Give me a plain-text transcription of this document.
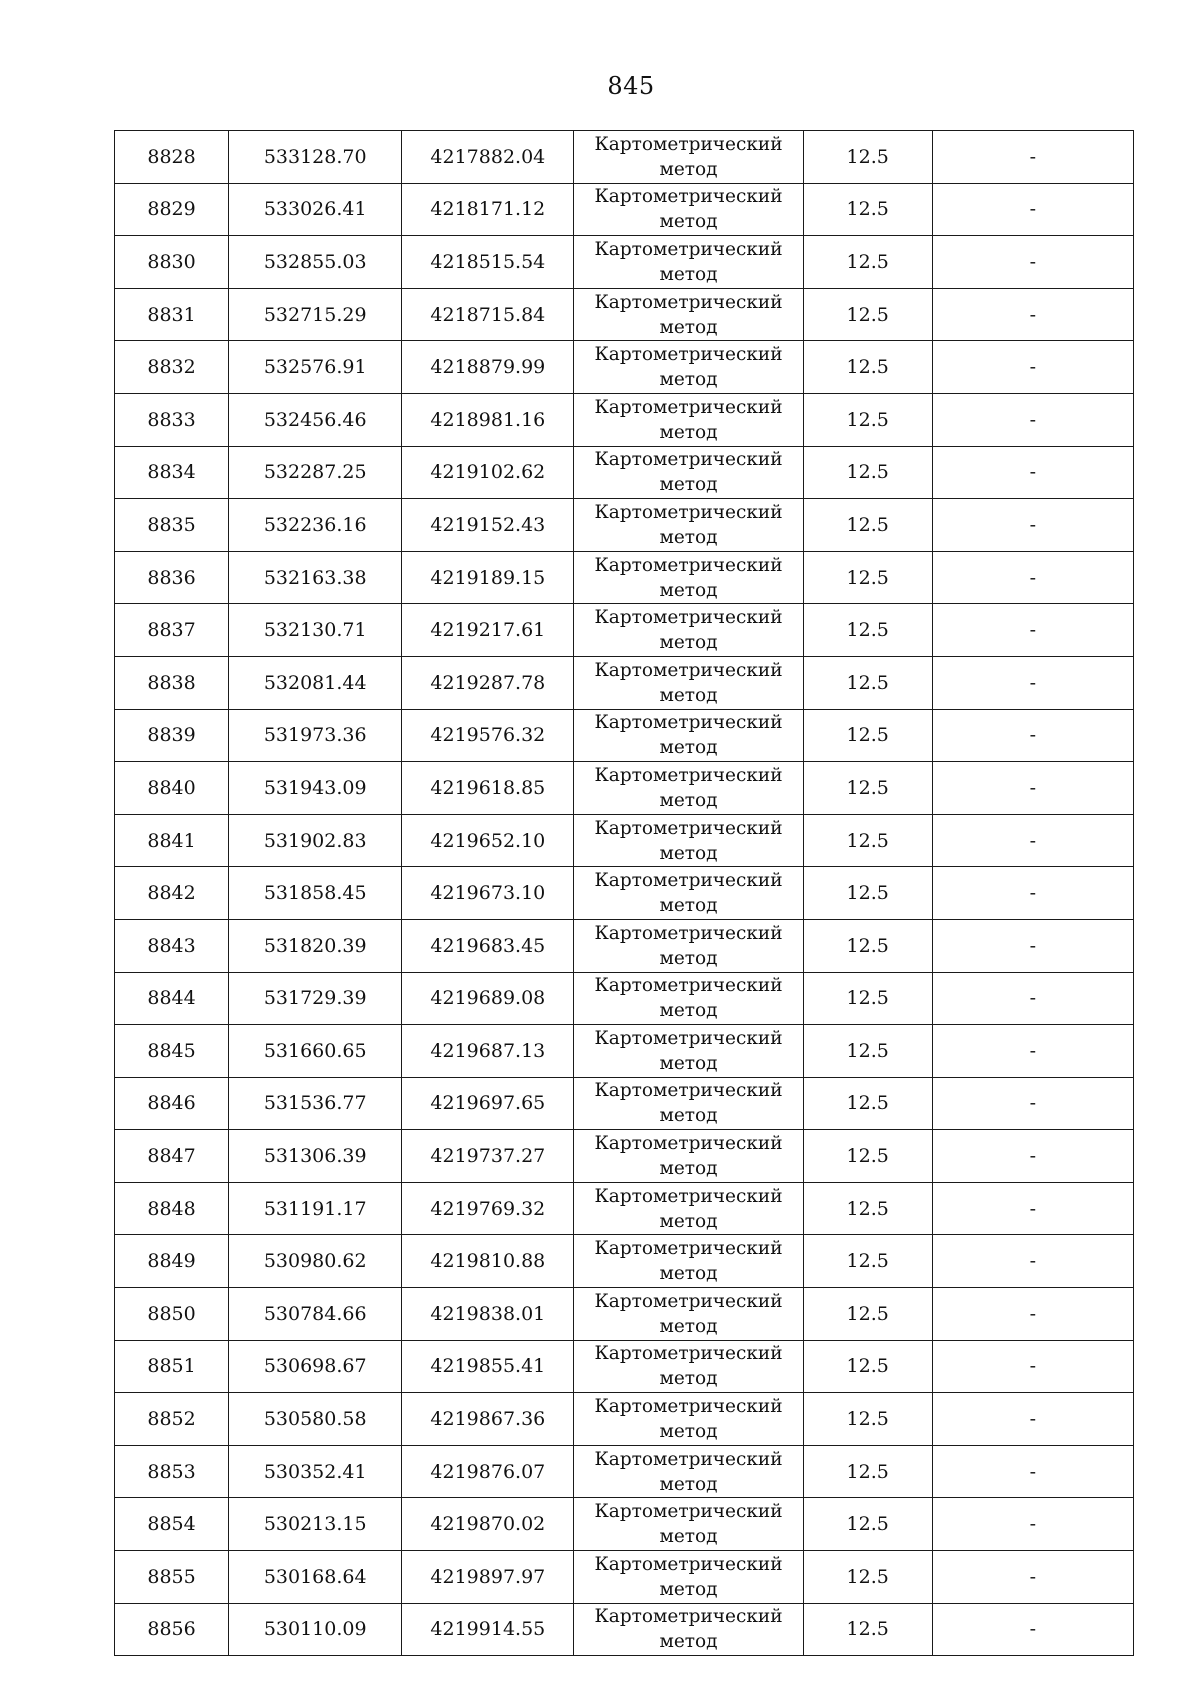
845
8828	533128.70	4217882.04	Картометрический
метод	12.5	-
8829	533026.41	4218171.12	Картометрический
метод	12.5	-
8830	532855.03	4218515.54	Картометрический
метод	12.5	-
8831	532715.29	4218715.84	Картометрический
метод	12.5	-
8832	532576.91	4218879.99	Картометрический
метод	12.5	-
8833	532456.46	4218981.16	Картометрический
метод	12.5	-
8834	532287.25	4219102.62	Картометрический
метод	12.5	-
8835	532236.16	4219152.43	Картометрический
метод	12.5	-
8836	532163.38	4219189.15	Картометрический
метод	12.5	-
8837	532130.71	4219217.61	Картометрический
метод	12.5	-
8838	532081.44	4219287.78	Картометрический
метод	12.5	-
8839	531973.36	4219576.32	Картометрический
метод	12.5	-
8840	531943.09	4219618.85	Картометрический
метод	12.5	-
8841	531902.83	4219652.10	Картометрический
метод	12.5	-
8842	531858.45	4219673.10	Картометрический
метод	12.5	-
8843	531820.39	4219683.45	Картометрический
метод	12.5	-
8844	531729.39	4219689.08	Картометрический
метод	12.5	-
8845	531660.65	4219687.13	Картометрический
метод	12.5	-
8846	531536.77	4219697.65	Картометрический
метод	12.5	-
8847	531306.39	4219737.27	Картометрический
метод	12.5	-
8848	531191.17	4219769.32	Картометрический
метод	12.5	-
8849	530980.62	4219810.88	Картометрический
метод	12.5	-
8850	530784.66	4219838.01	Картометрический
метод	12.5	-
8851	530698.67	4219855.41	Картометрический
метод	12.5	-
8852	530580.58	4219867.36	Картометрический
метод	12.5	-
8853	530352.41	4219876.07	Картометрический
метод	12.5	-
8854	530213.15	4219870.02	Картометрический
метод	12.5	-
8855	530168.64	4219897.97	Картометрический
метод	12.5	-
8856	530110.09	4219914.55	Картометрический
метод	12.5	-
